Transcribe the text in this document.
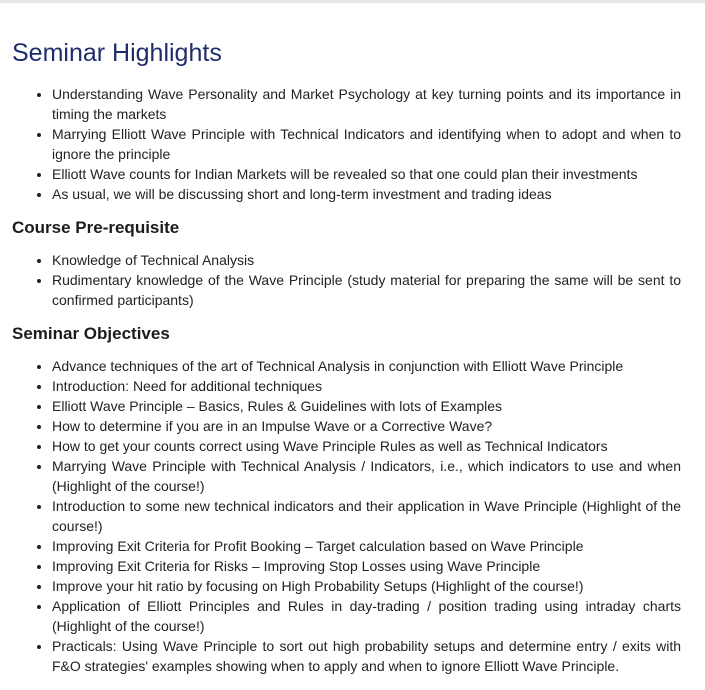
Seminar Highlights
• Understanding Wave Personality and Market Psychology at key turning points and its importance in timing the markets
• Marrying Elliott Wave Principle with Technical Indicators and identifying when to adopt and when to ignore the principle
• Elliott Wave counts for Indian Markets will be revealed so that one could plan their investments
• As usual, we will be discussing short and long-term investment and trading ideas
Course Pre-requisite
• Knowledge of Technical Analysis
• Rudimentary knowledge of the Wave Principle (study material for preparing the same will be sent to confirmed participants)
Seminar Objectives
• Advance techniques of the art of Technical Analysis in conjunction with Elliott Wave Principle
• Introduction: Need for additional techniques
• Elliott Wave Principle – Basics, Rules & Guidelines with lots of Examples
• How to determine if you are in an Impulse Wave or a Corrective Wave?
• How to get your counts correct using Wave Principle Rules as well as Technical Indicators
• Marrying Wave Principle with Technical Analysis / Indicators, i.e., which indicators to use and when (Highlight of the course!)
• Introduction to some new technical indicators and their application in Wave Principle (Highlight of the course!)
• Improving Exit Criteria for Profit Booking – Target calculation based on Wave Principle
• Improving Exit Criteria for Risks – Improving Stop Losses using Wave Principle
• Improve your hit ratio by focusing on High Probability Setups (Highlight of the course!)
• Application of Elliott Principles and Rules in day-trading / position trading using intraday charts (Highlight of the course!)
• Practicals: Using Wave Principle to sort out high probability setups and determine entry / exits with F&O strategies' examples showing when to apply and when to ignore Elliott Wave Principle.
